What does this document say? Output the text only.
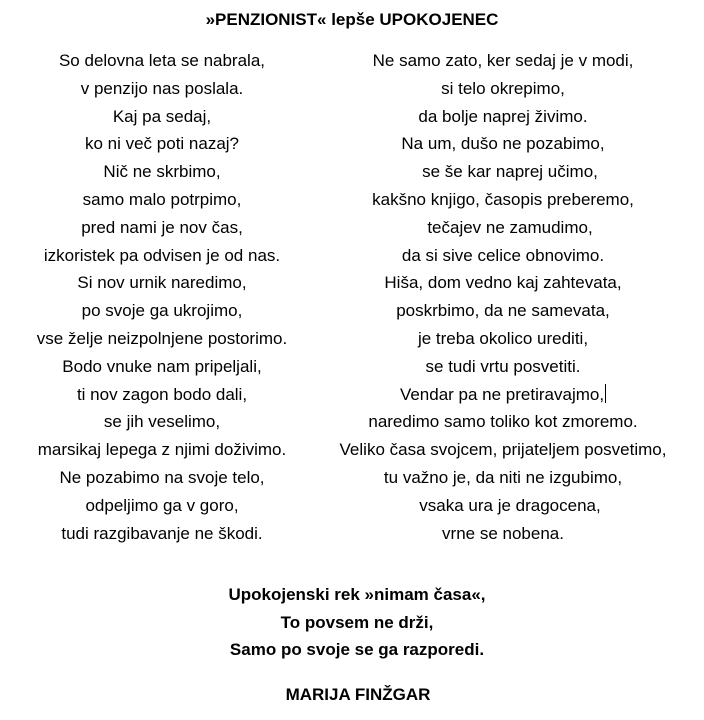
»PENZIONIST« lepše UPOKOJENEC
So delovna leta se nabrala,
v penzijo nas poslala.
Kaj pa sedaj,
ko ni več poti nazaj?
Nič ne skrbimo,
samo malo potrpimo,
pred nami je nov čas,
izkoristek pa odvisen je od nas.
Si nov urnik naredimo,
po svoje ga ukrojimo,
vse želje neizpolnjene postorimo.
Bodo vnuke nam pripeljali,
ti nov zagon bodo dali,
se jih veselimo,
marsikaj lepega z njimi doživimo.
Ne pozabimo na svoje telo,
odpeljimo ga v goro,
tudi razgibavanje ne škodi.
Ne samo zato, ker sedaj je v modi,
si telo okrepimo,
da bolje naprej živimo.
Na um, dušo ne pozabimo,
se še kar naprej učimo,
kakšno knjigo, časopis preberemo,
tečajev ne zamudimo,
da si sive celice obnovimo.
Hiša, dom vedno kaj zahtevata,
poskrbimo, da ne samevata,
je treba okolico urediti,
se tudi vrtu posvetiti.
Vendar pa ne pretiravajmo,
naredimo samo toliko kot zmoremo.
Veliko časa svojcem, prijateljem posvetimo,
tu važno je, da niti ne izgubimo,
vsaka ura je dragocena,
vrne se nobena.
Upokojenski rek »nimam časa«,
To povsem ne drži,
Samo po svoje se ga razporedi.
MARIJA FINŽGAR
